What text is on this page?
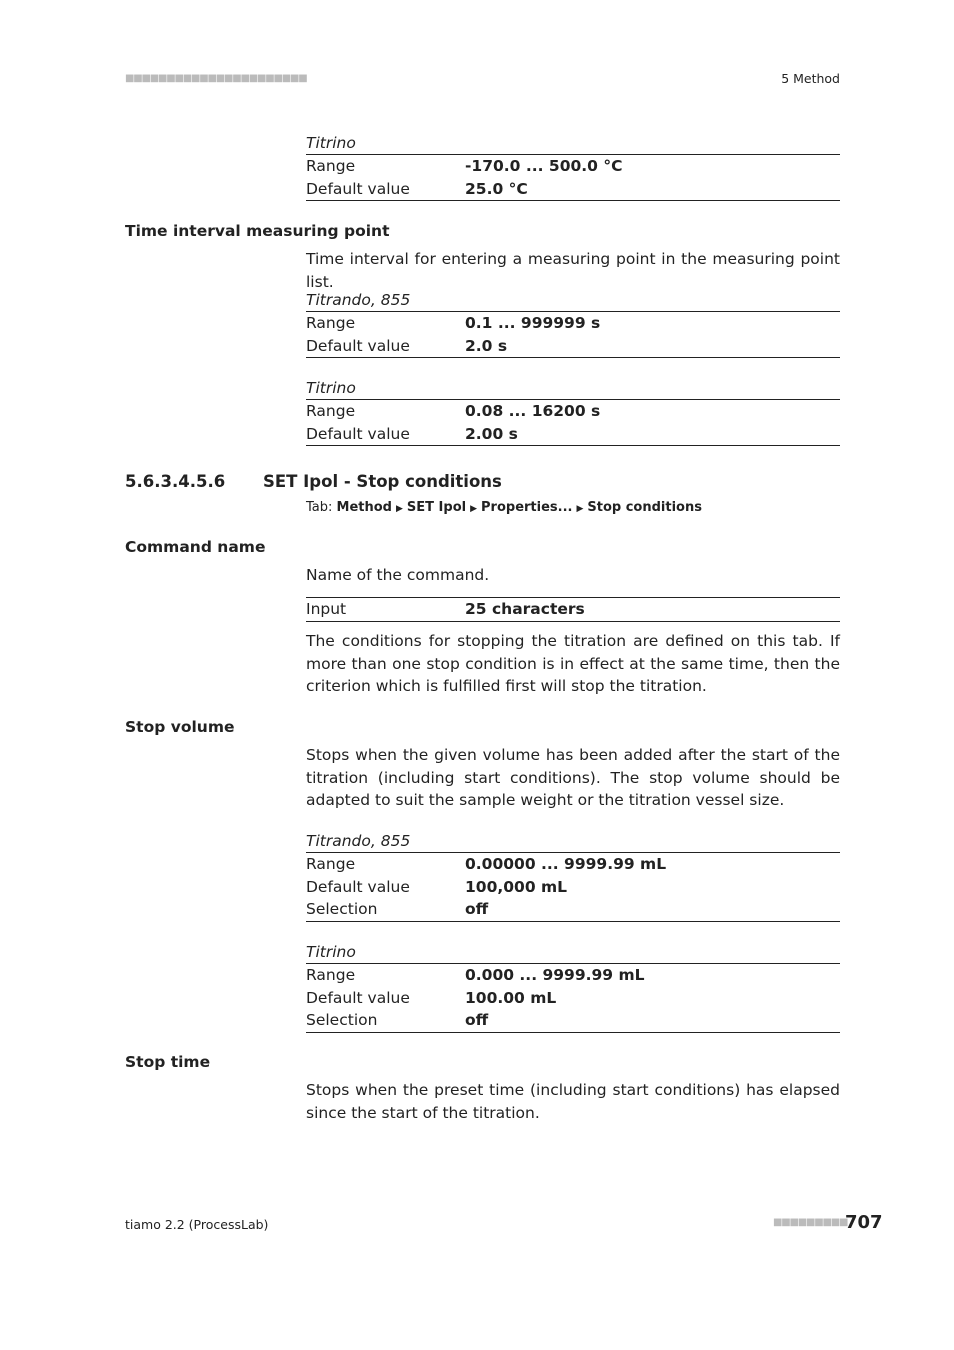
■■■■■■■■■■■■■■■■■■■■■■	5 Method
Titrino
Range	-170.0 ... 500.0 °C
Default value	25.0 °C
Time interval measuring point
Time interval for entering a measuring point in the measuring point list.
Titrando, 855
Range	0.1 ... 999999 s
Default value	2.0 s
Titrino
Range	0.08 ... 16200 s
Default value	2.00 s
5.6.3.4.5.6 SET Ipol - Stop conditions
Tab: Method ▶ SET Ipol ▶ Properties... ▶ Stop conditions
Command name
Name of the command.
Input	25 characters
The conditions for stopping the titration are defined on this tab. If more than one stop condition is in effect at the same time, then the criterion which is fulfilled first will stop the titration.
Stop volume
Stops when the given volume has been added after the start of the titration (including start conditions). The stop volume should be adapted to suit the sample weight or the titration vessel size.
Titrando, 855
Range	0.00000 ... 9999.99 mL
Default value	100,000 mL
Selection	off
Titrino
Range	0.000 ... 9999.99 mL
Default value	100.00 mL
Selection	off
Stop time
Stops when the preset time (including start conditions) has elapsed since the start of the titration.
tiamo 2.2 (ProcessLab)	■■■■■■■■■
707
